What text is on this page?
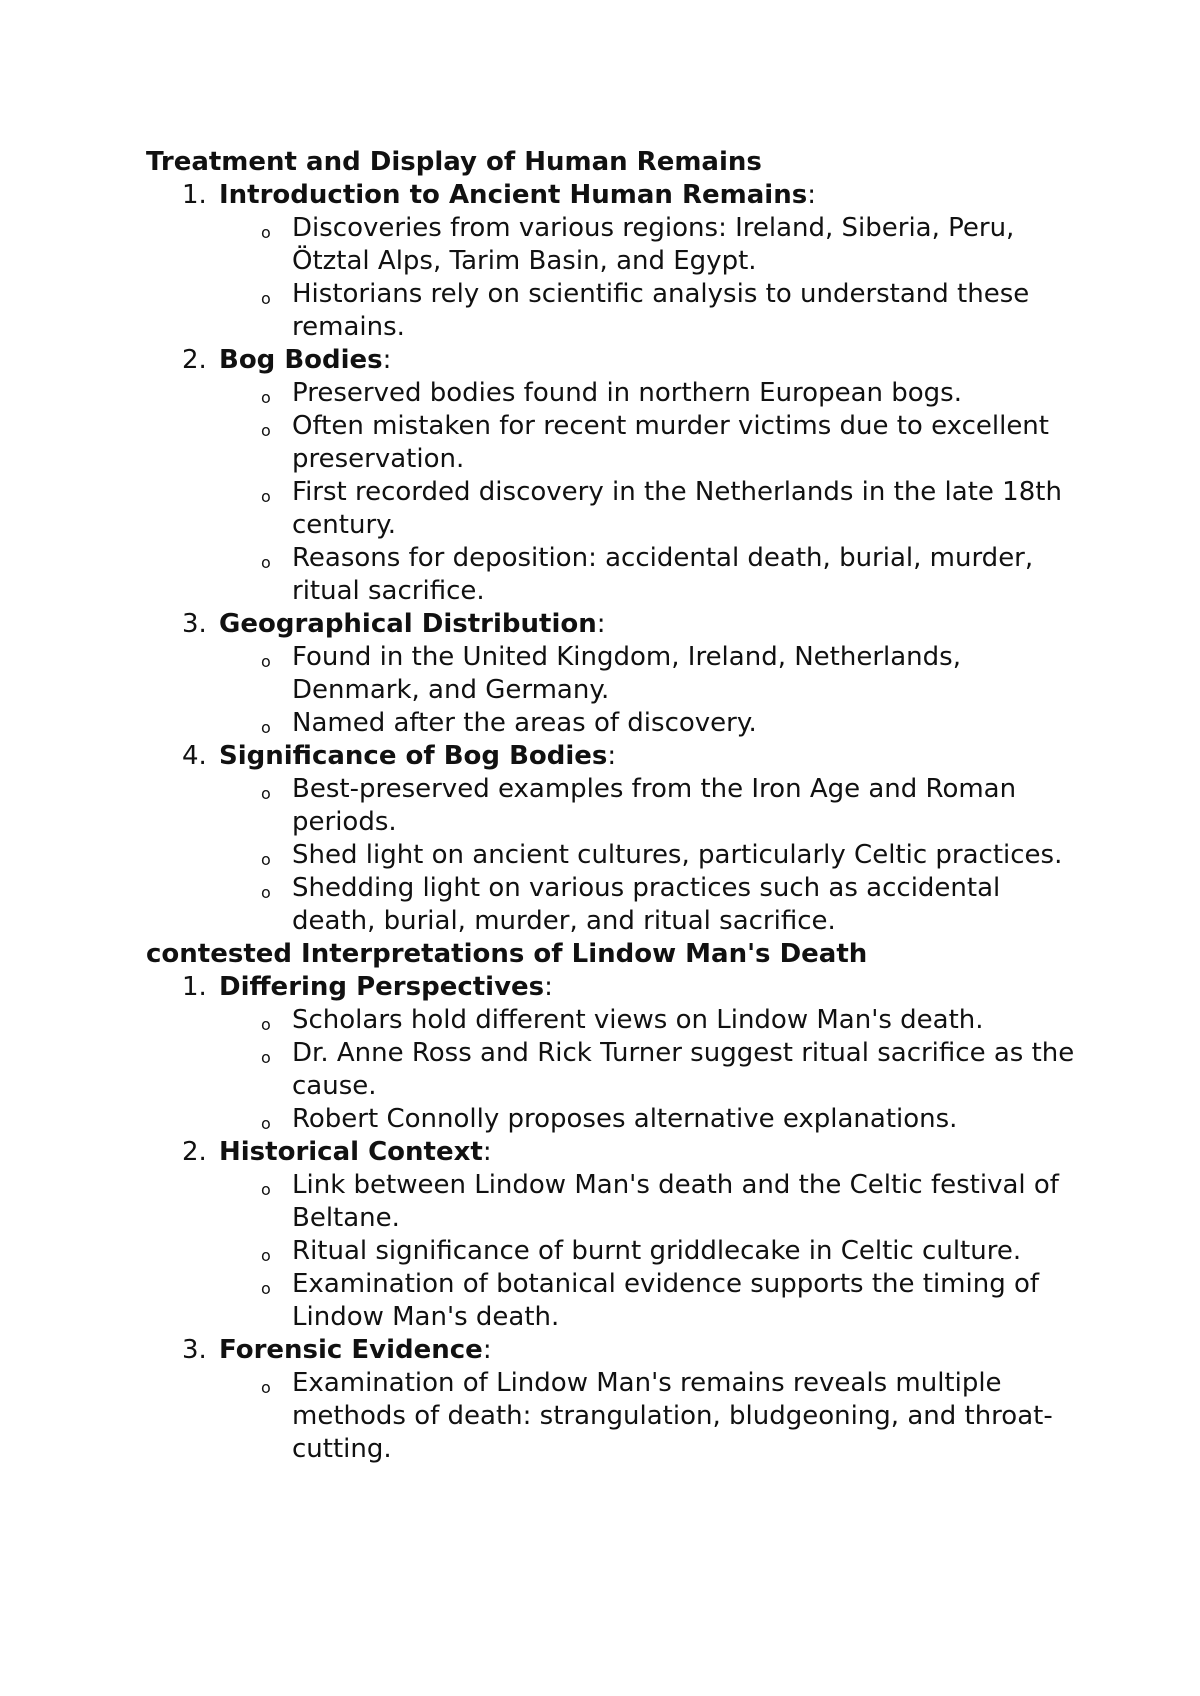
Treatment and Display of Human Remains
1. Introduction to Ancient Human Remains:
o Discoveries from various regions: Ireland, Siberia, Peru, Ötztal Alps, Tarim Basin, and Egypt.
o Historians rely on scientific analysis to understand these remains.
2. Bog Bodies:
o Preserved bodies found in northern European bogs.
o Often mistaken for recent murder victims due to excellent preservation.
o First recorded discovery in the Netherlands in the late 18th century.
o Reasons for deposition: accidental death, burial, murder, ritual sacrifice.
3. Geographical Distribution:
o Found in the United Kingdom, Ireland, Netherlands, Denmark, and Germany.
o Named after the areas of discovery.
4. Significance of Bog Bodies:
o Best-preserved examples from the Iron Age and Roman periods.
o Shed light on ancient cultures, particularly Celtic practices.
o Shedding light on various practices such as accidental death, burial, murder, and ritual sacrifice.
contested Interpretations of Lindow Man's Death
1. Differing Perspectives:
o Scholars hold different views on Lindow Man's death.
o Dr. Anne Ross and Rick Turner suggest ritual sacrifice as the cause.
o Robert Connolly proposes alternative explanations.
2. Historical Context:
o Link between Lindow Man's death and the Celtic festival of Beltane.
o Ritual significance of burnt griddlecake in Celtic culture.
o Examination of botanical evidence supports the timing of Lindow Man's death.
3. Forensic Evidence:
o Examination of Lindow Man's remains reveals multiple methods of death: strangulation, bludgeoning, and throat-cutting.
